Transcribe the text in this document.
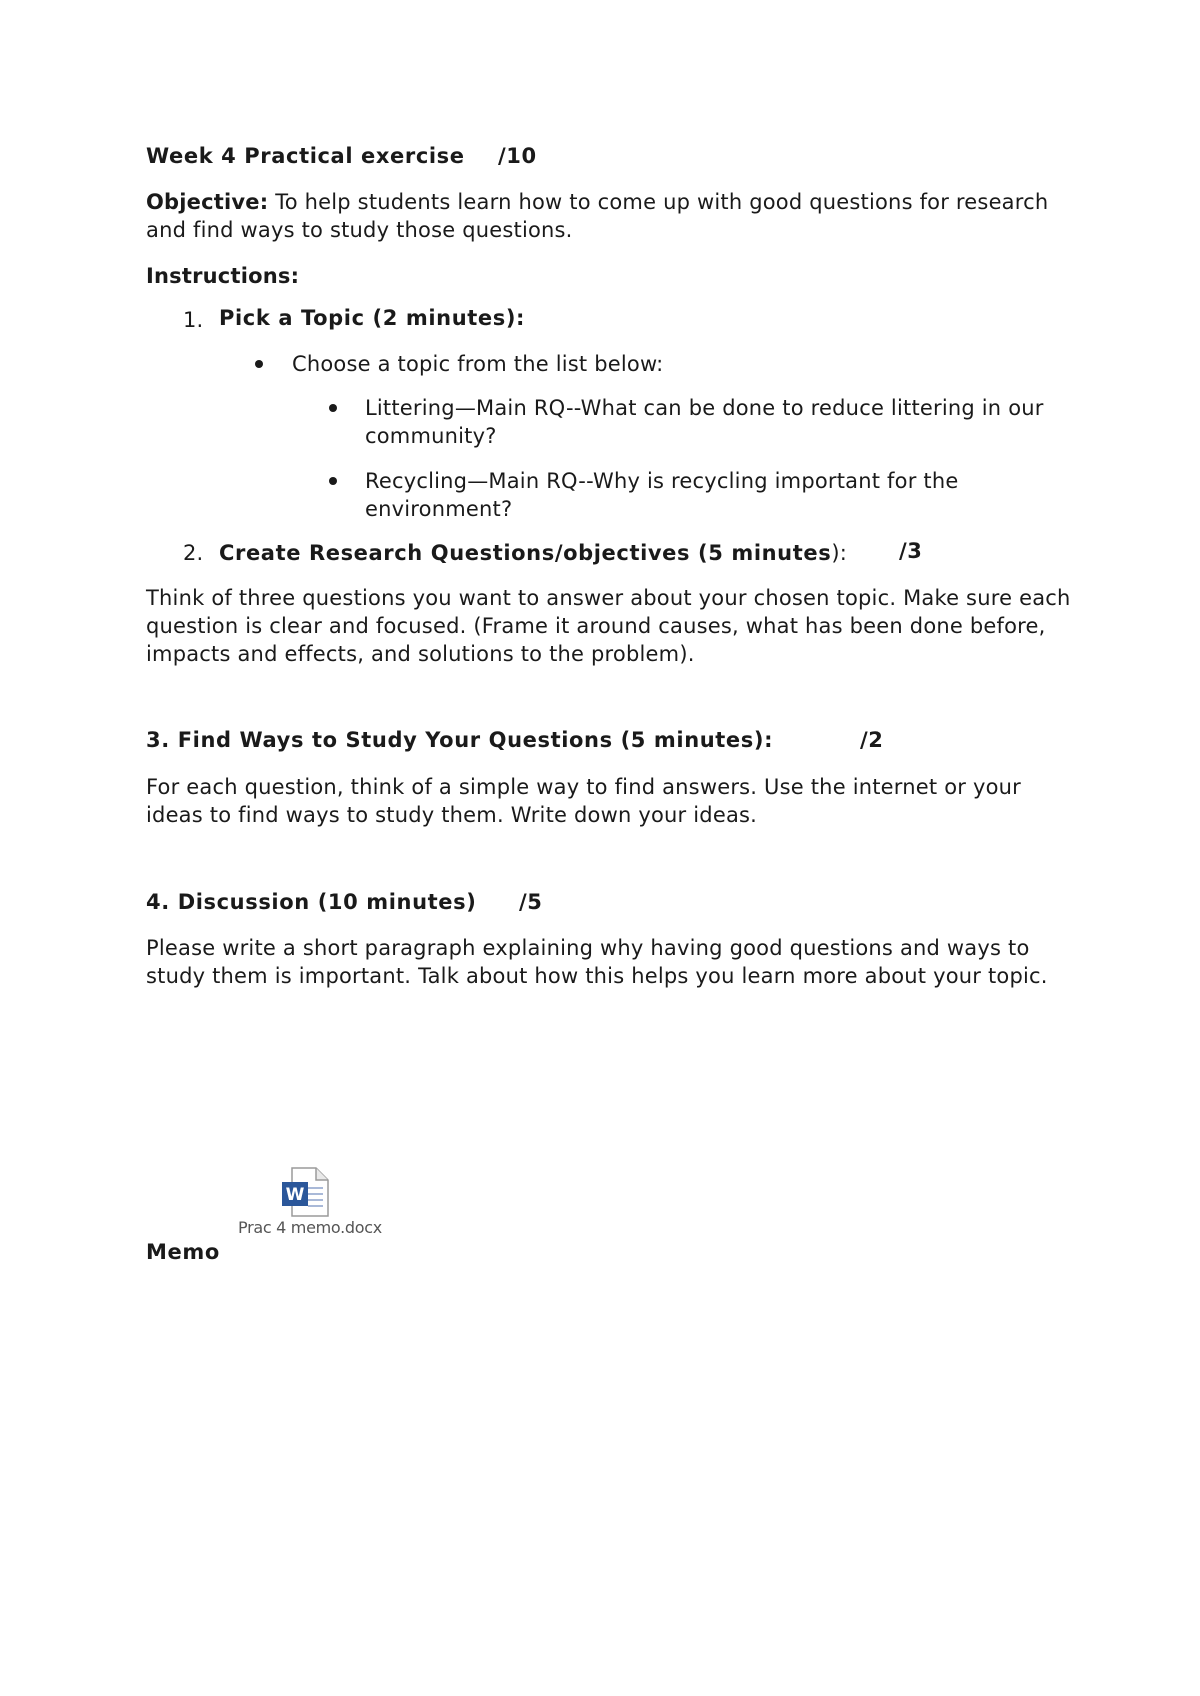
Week 4 Practical exercise /10
Objective: To help students learn how to come up with good questions for research and find ways to study those questions.
Instructions:
1. Pick a Topic (2 minutes):
Choose a topic from the list below:
Littering—Main RQ--What can be done to reduce littering in our community?
Recycling—Main RQ--Why is recycling important for the environment?
2. Create Research Questions/objectives (5 minutes): /3
Think of three questions you want to answer about your chosen topic. Make sure each question is clear and focused. (Frame it around causes, what has been done before, impacts and effects, and solutions to the problem).
3. Find Ways to Study Your Questions (5 minutes):	/2
For each question, think of a simple way to find answers. Use the internet or your ideas to find ways to study them. Write down your ideas.
4. Discussion (10 minutes) /5
Please write a short paragraph explaining why having good questions and ways to study them is important. Talk about how this helps you learn more about your topic.
W
Prac 4 memo.docx
Memo
